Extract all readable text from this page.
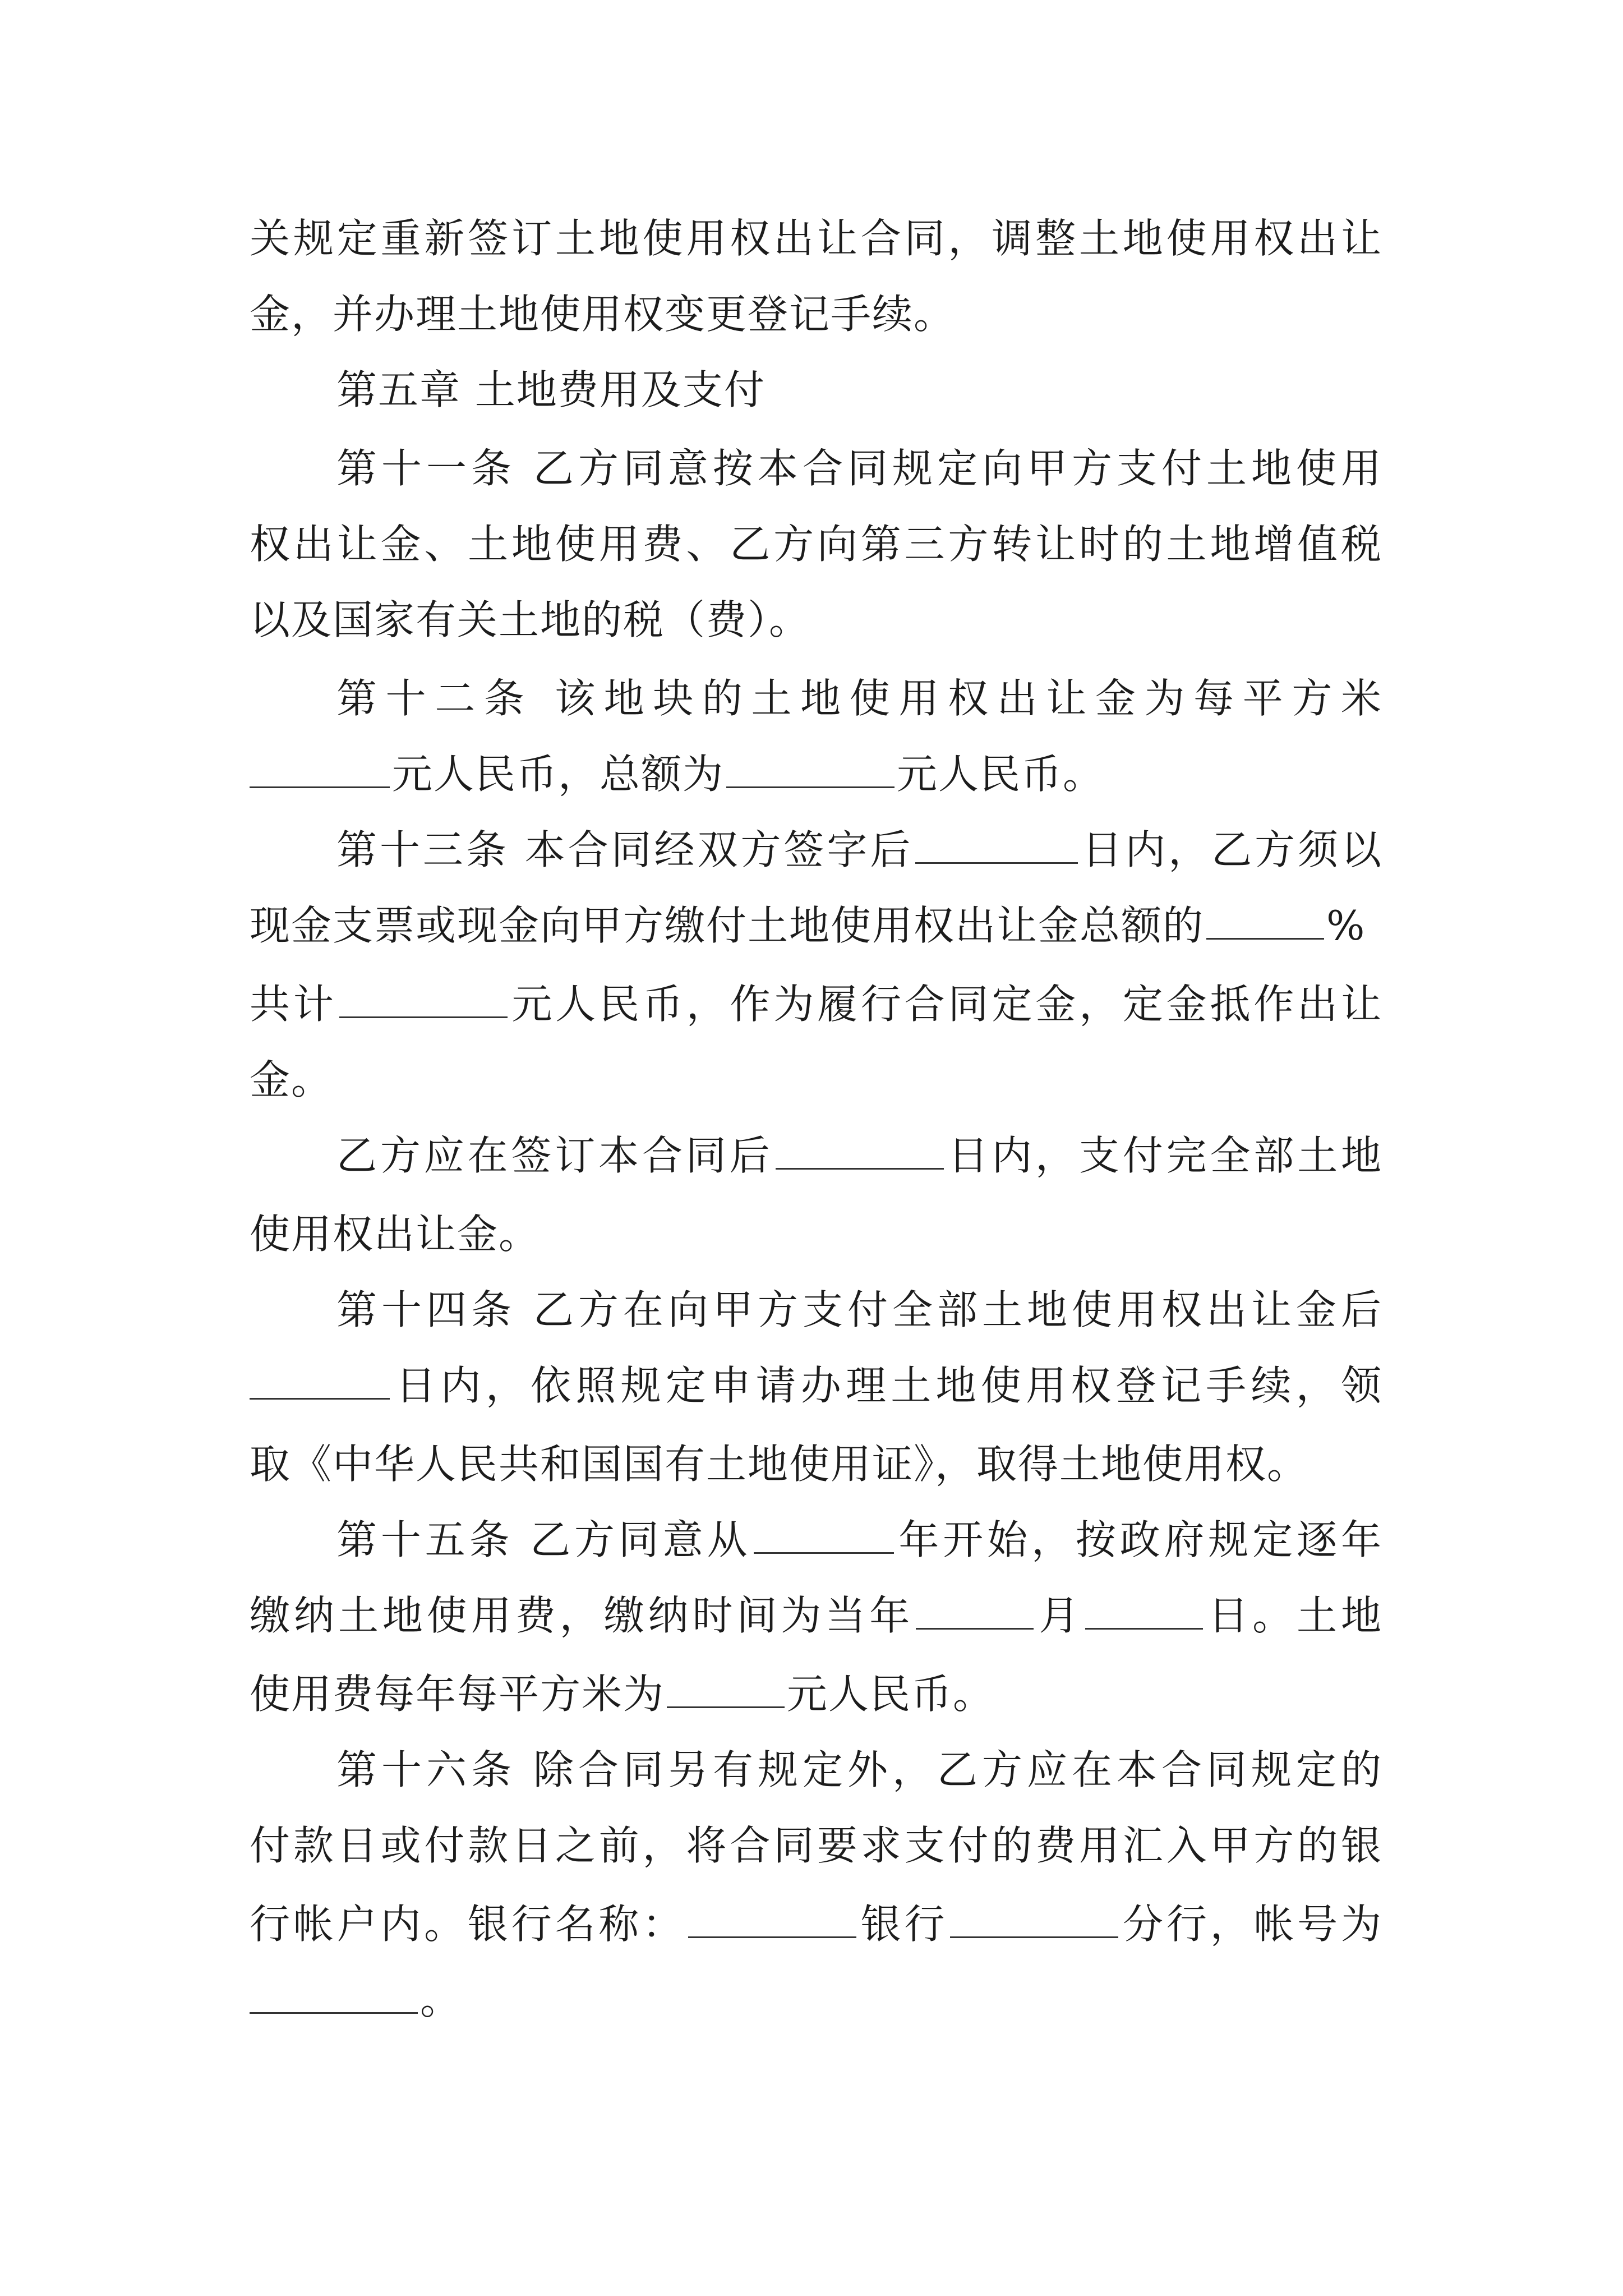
关规定重新签订土地使用权出让合同，调整土地使用权出让
金，并办理土地使用权变更登记手续。
第五章 土地费用及支付
第十一条 乙方同意按本合同规定向甲方支付土地使用
权出让金、土地使用费、乙方向第三方转让时的土地增值税
以及国家有关土地的税（费）。
第十二条 该地块的土地使用权出让金为每平方米
元人民币，总额为	元人民币。
第十三条 本合同经双方签字后	日内，乙方须以
现金支票或现金向甲方缴付土地使用权出让金总额的	%
共计	元人民币，作为履行合同定金，定金抵作出让
金。
乙方应在签订本合同后	日内，支付完全部土地
使用权出让金。
第十四条 乙方在向甲方支付全部土地使用权出让金后
日内，依照规定申请办理土地使用权登记手续，领
取《中华人民共和国国有土地使用证》，取得土地使用权。
第十五条 乙方同意从	年开始，按政府规定逐年
缴纳土地使用费，缴纳时间为当年	月	日。土地
使用费每年每平方米为	元人民币。
第十六条 除合同另有规定外，乙方应在本合同规定的
付款日或付款日之前，将合同要求支付的费用汇入甲方的银
行帐户内。银行名称：	银行	分行，帐号为
。
